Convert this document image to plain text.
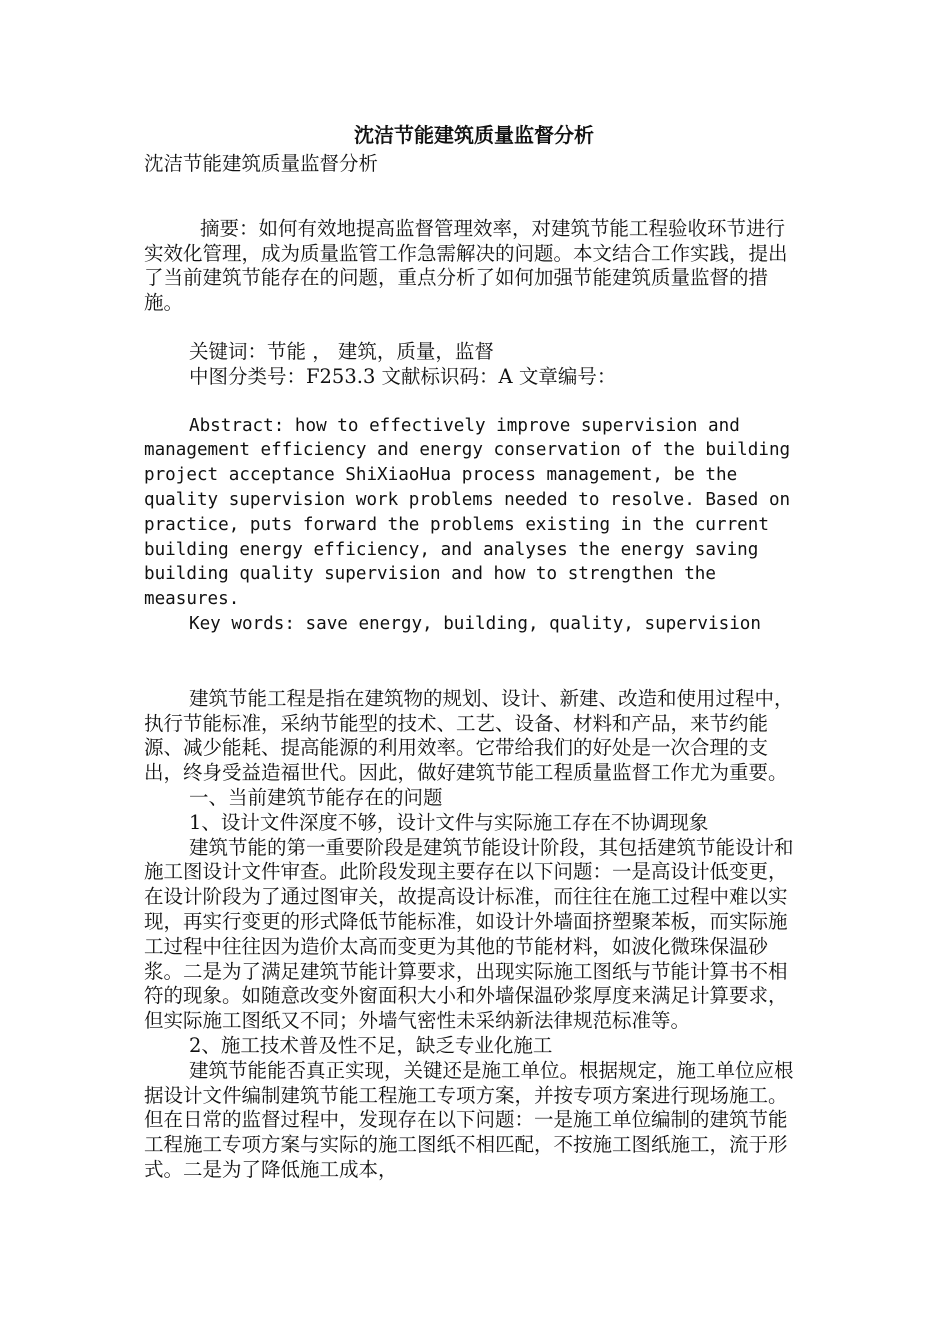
沈洁节能建筑质量监督分析

沈洁节能建筑质量监督分析

摘要：如何有效地提高监督管理效率，对建筑节能工程验收环节进行实效化管理，成为质量监管工作急需解决的问题。本文结合工作实践，提出了当前建筑节能存在的问题，重点分析了如何加强节能建筑质量监督的措施。

关键词：节能 ， 建筑，质量，监督

中图分类号：F253.3 文献标识码：A 文章编号：

Abstract: how to effectively improve supervision and management efficiency and energy conservation of the building project acceptance ShiXiaoHua process management, be the quality supervision work problems needed to resolve. Based on practice, puts forward the problems existing in the current building energy efficiency, and analyses the energy saving building quality supervision and how to strengthen the measures.

Key words: save energy, building, quality, supervision

建筑节能工程是指在建筑物的规划、设计、新建、改造和使用过程中，执行节能标准，采纳节能型的技术、工艺、设备、材料和产品，来节约能源、减少能耗、提高能源的利用效率。它带给我们的好处是一次合理的支出，终身受益造福世代。因此，做好建筑节能工程质量监督工作尤为重要。

一、当前建筑节能存在的问题

1、设计文件深度不够，设计文件与实际施工存在不协调现象

建筑节能的第一重要阶段是建筑节能设计阶段，其包括建筑节能设计和施工图设计文件审查。此阶段发现主要存在以下问题：一是高设计低变更，在设计阶段为了通过图审关，故提高设计标准，而往往在施工过程中难以实现，再实行变更的形式降低节能标准，如设计外墙面挤塑聚苯板，而实际施工过程中往往因为造价太高而变更为其他的节能材料，如波化微珠保温砂浆。二是为了满足建筑节能计算要求，出现实际施工图纸与节能计算书不相符的现象。如随意改变外窗面积大小和外墙保温砂浆厚度来满足计算要求，但实际施工图纸又不同；外墙气密性未采纳新法律规范标准等。

2、施工技术普及性不足，缺乏专业化施工

建筑节能能否真正实现，关键还是施工单位。根据规定，施工单位应根据设计文件编制建筑节能工程施工专项方案，并按专项方案进行现场施工。但在日常的监督过程中，发现存在以下问题：一是施工单位编制的建筑节能工程施工专项方案与实际的施工图纸不相匹配，不按施工图纸施工，流于形式。二是为了降低施工成本，
